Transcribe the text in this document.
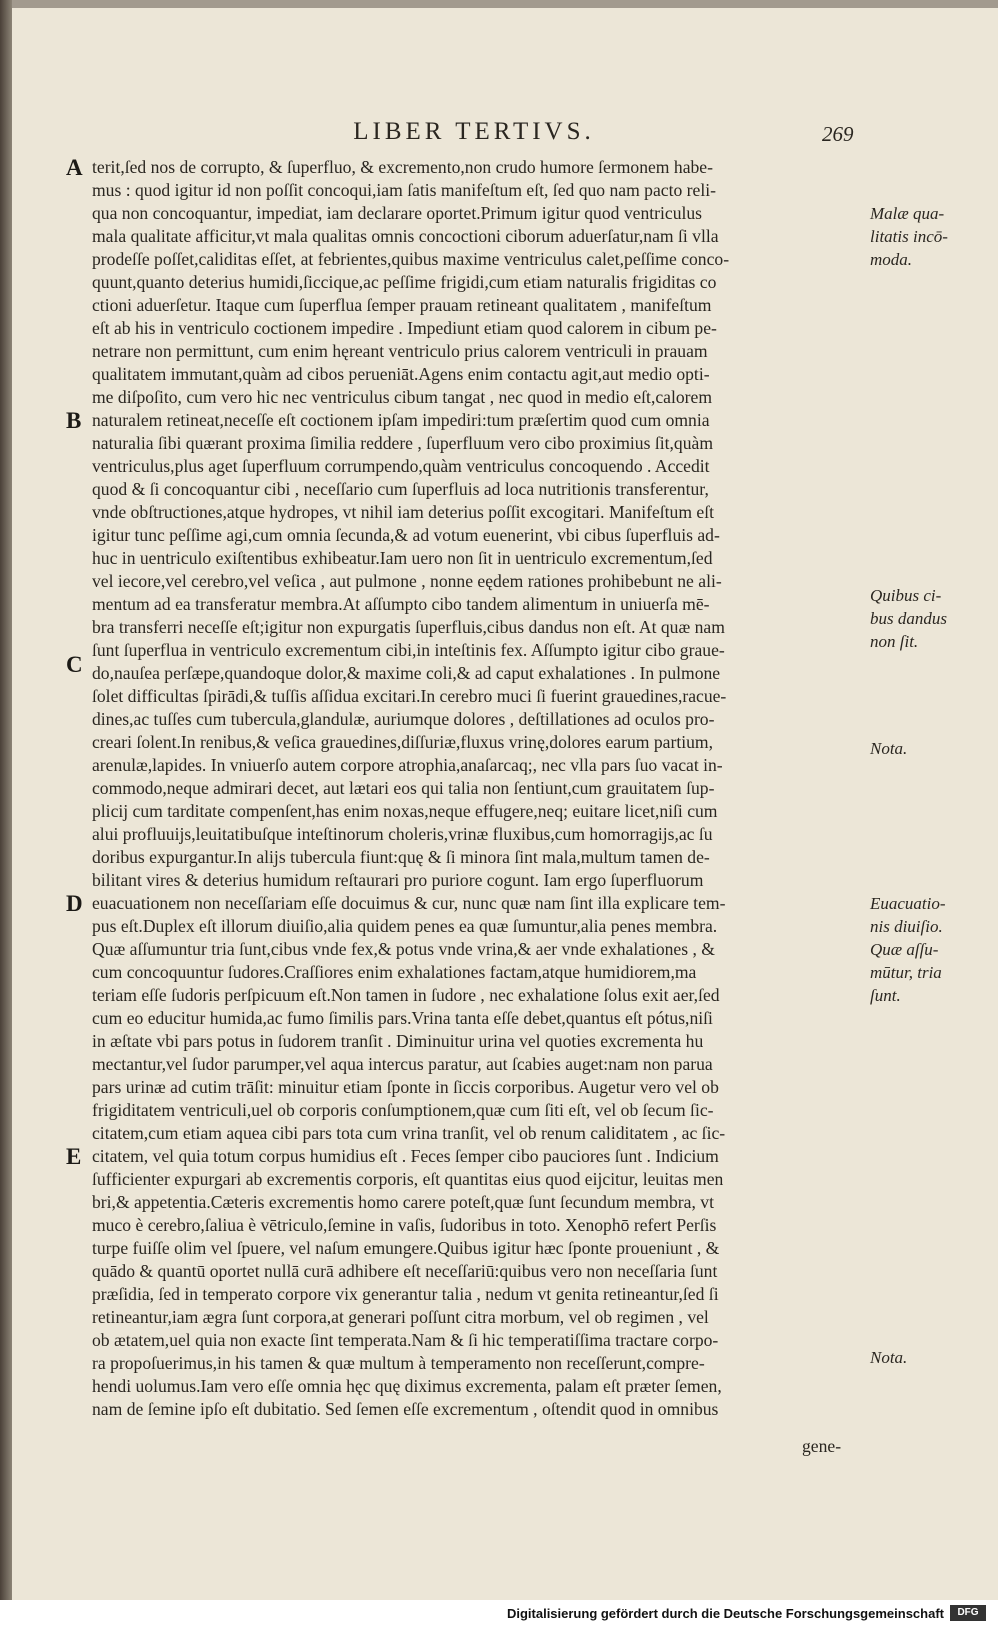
LIBER TERTIVS.	269
terit,ſed nos de corrupto, & ſuperfluo, & excremento,non crudo humore ſermonem habe-
mus : quod igitur id non poſſit concoqui,iam ſatis manifeſtum eſt, ſed quo nam pacto reli-
qua non concoquantur, impediat, iam declarare oportet.Primum igitur quod ventriculus
mala qualitate afficitur,vt mala qualitas omnis concoctioni ciborum aduerſatur,nam ſi vlla
prodeſſe poſſet,caliditas eſſet, at febrientes,quibus maxime ventriculus calet,peſſime conco-
quunt,quanto deterius humidi,ſiccique,ac peſſime frigidi,cum etiam naturalis frigiditas co
ctioni aduerſetur. Itaque cum ſuperflua ſemper prauam retineant qualitatem , manifeſtum
eſt ab his in ventriculo coctionem impedire . Impediunt etiam quod calorem in cibum pe-
netrare non permittunt, cum enim hęreant ventriculo prius calorem ventriculi in prauam
qualitatem immutant,quàm ad cibos perueniāt.Agens enim contactu agit,aut medio opti-
me diſpoſito, cum vero hic nec ventriculus cibum tangat , nec quod in medio eſt,calorem
naturalem retineat,neceſſe eſt coctionem ipſam impediri:tum præſertim quod cum omnia
naturalia ſibi quærant proxima ſimilia reddere , ſuperfluum vero cibo proximius ſit,quàm
ventriculus,plus aget ſuperfluum corrumpendo,quàm ventriculus concoquendo . Accedit
quod & ſi concoquantur cibi , neceſſario cum ſuperfluis ad loca nutritionis transferentur,
vnde obſtructiones,atque hydropes, vt nihil iam deterius poſſit excogitari. Manifeſtum eſt
igitur tunc peſſime agi,cum omnia ſecunda,& ad votum euenerint, vbi cibus ſuperfluis ad-
huc in uentriculo exiſtentibus exhibeatur.Iam uero non ſit in uentriculo excrementum,ſed
vel iecore,vel cerebro,vel veſica , aut pulmone , nonne eędem rationes prohibebunt ne ali-
mentum ad ea transferatur membra.At aſſumpto cibo tandem alimentum in uniuerſa mē-
bra transferri neceſſe eſt;igitur non expurgatis ſuperfluis,cibus dandus non eſt. At quæ nam
ſunt ſuperflua in ventriculo excrementum cibi,in inteſtinis fex. Aſſumpto igitur cibo graue-
do,nauſea perſæpe,quandoque dolor,& maxime coli,& ad caput exhalationes . In pulmone
ſolet difficultas ſpirādi,& tuſſis aſſidua excitari.In cerebro muci ſi fuerint grauedines,racue-
dines,ac tuſſes cum tubercula,glandulæ, auriumque dolores , deſtillationes ad oculos pro-
creari ſolent.In renibus,& veſica grauedines,diſſuriæ,fluxus vrinę,dolores earum partium,
arenulæ,lapides. In vniuerſo autem corpore atrophia,anaſarcaq;, nec vlla pars ſuo vacat in-
commodo,neque admirari decet, aut lætari eos qui talia non ſentiunt,cum grauitatem ſup-
plicij cum tarditate compenſent,has enim noxas,neque effugere,neq; euitare licet,niſi cum
alui profluuijs,leuitatibuſque inteſtinorum choleris,vrinæ fluxibus,cum homorragijs,ac ſu
doribus expurgantur.In alijs tubercula fiunt:quę & ſi minora ſint mala,multum tamen de-
bilitant vires & deterius humidum reſtaurari pro puriore cogunt. Iam ergo ſuperfluorum
euacuationem non neceſſariam eſſe docuimus & cur, nunc quæ nam ſint illa explicare tem-
pus eſt.Duplex eſt illorum diuiſio,alia quidem penes ea quæ ſumuntur,alia penes membra.
Quæ aſſumuntur tria ſunt,cibus vnde fex,& potus vnde vrina,& aer vnde exhalationes , &
cum concoquuntur ſudores.Craſſiores enim exhalationes factam,atque humidiorem,ma
teriam eſſe ſudoris perſpicuum eſt.Non tamen in ſudore , nec exhalatione ſolus exit aer,ſed
cum eo educitur humida,ac fumo ſimilis pars.Vrina tanta eſſe debet,quantus eſt pótus,niſi
in æſtate vbi pars potus in ſudorem tranſit . Diminuitur urina vel quoties excrementa hu
mectantur,vel ſudor parumper,vel aqua intercus paratur, aut ſcabies auget:nam non parua
pars urinæ ad cutim trāſit: minuitur etiam ſponte in ſiccis corporibus. Augetur vero vel ob
frigiditatem ventriculi,uel ob corporis conſumptionem,quæ cum ſiti eſt, vel ob ſecum ſic-
citatem,cum etiam aquea cibi pars tota cum vrina tranſit, vel ob renum caliditatem , ac ſic-
citatem, vel quia totum corpus humidius eſt . Feces ſemper cibo pauciores ſunt . Indicium
ſufficienter expurgari ab excrementis corporis, eſt quantitas eius quod eijcitur, leuitas men
bri,& appetentia.Cæteris excrementis homo carere poteſt,quæ ſunt ſecundum membra, vt
muco è cerebro,ſaliua è vētriculo,ſemine in vaſis, ſudoribus in toto. Xenophō refert Perſis
turpe fuiſſe olim vel ſpuere, vel naſum emungere.Quibus igitur hæc ſponte proueniunt , &
quādo & quantū oportet nullā curā adhibere eſt neceſſariū:quibus vero non neceſſaria ſunt
præſidia, ſed in temperato corpore vix generantur talia , nedum vt genita retineantur,ſed ſi
retineantur,iam ægra ſunt corpora,at generari poſſunt citra morbum, vel ob regimen , vel
ob ætatem,uel quia non exacte ſint temperata.Nam & ſi hic temperatiſſima tractare corpo-
ra propoſuerimus,in his tamen & quæ multum à temperamento non receſſerunt,compre-
hendi uolumus.Iam vero eſſe omnia hęc quę diximus excrementa, palam eſt præter ſemen,
nam de ſemine ipſo eſt dubitatio. Sed ſemen eſſe excrementum , oſtendit quod in omnibus
A
B
C
D
E
Malæ qua-
litatis incō-
moda.
Quibus ci-
bus dandus
non ſit.
Nota.
Euacuatio-
nis diuiſio.
Quæ aſſu-
mūtur, tria
ſunt.
Nota.
gene-
Digitalisierung gefördert durch die Deutsche Forschungsgemeinschaft	DFG
